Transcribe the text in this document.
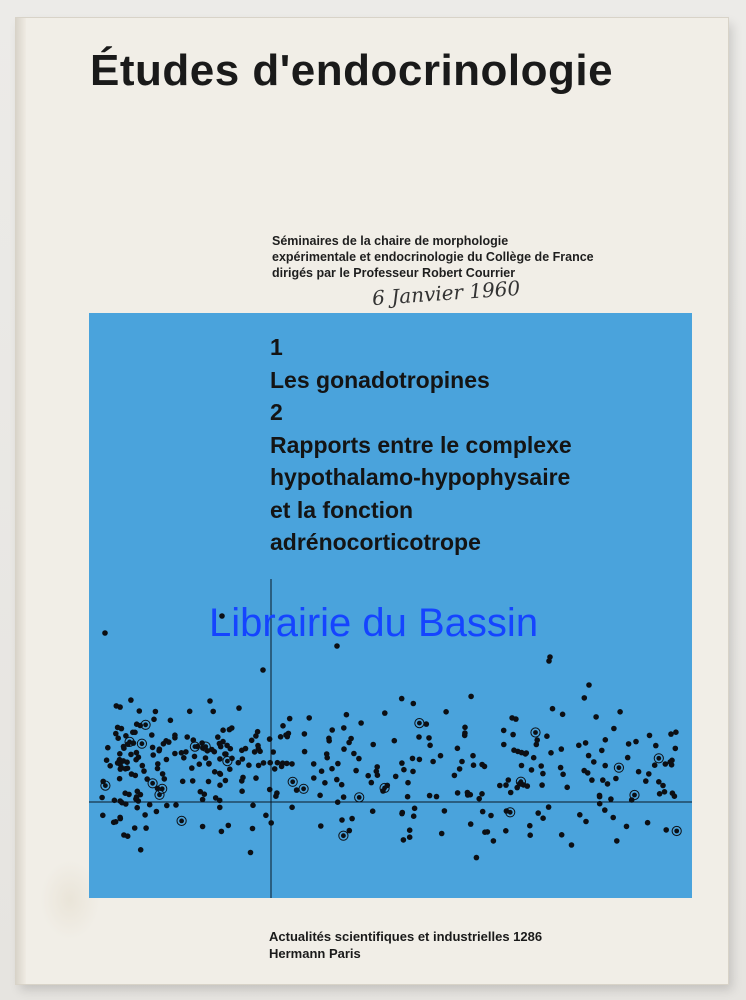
Études d'endocrinologie
Séminaires de la chaire de morphologie
expérimentale et endocrinologie du Collège de France
dirigés par le Professeur Robert Courrier
6 Janvier 1960
1
Les gonadotropines
2
Rapports entre le complexe
hypothalamo-hypophysaire
et la fonction
adrénocorticotrope
Librairie du Bassin
Actualités scientifiques et industrielles 1286
Hermann Paris
